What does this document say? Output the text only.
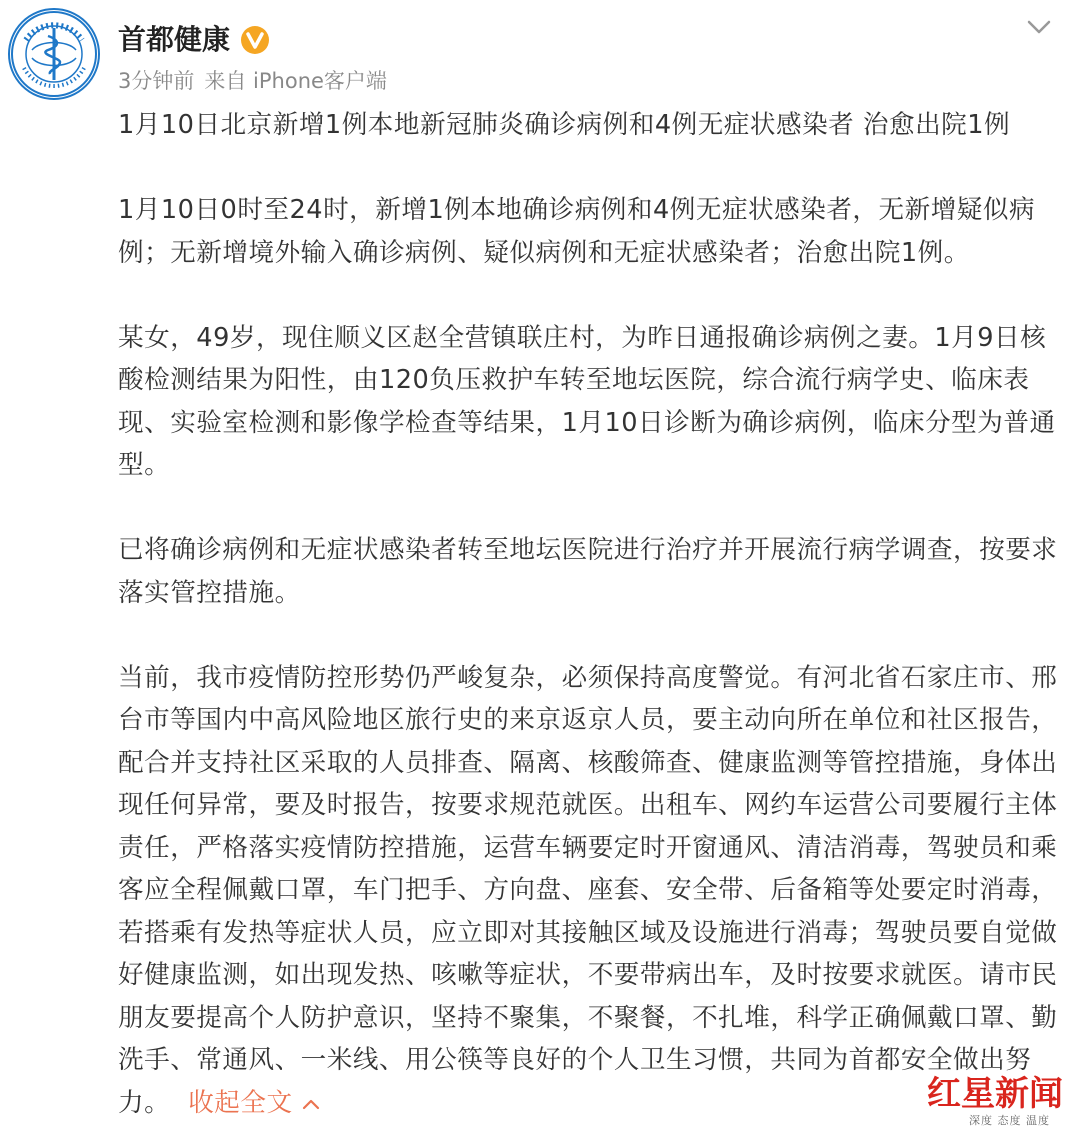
首都健康
3分钟前 来自 iPhone客户端

1月10日北京新增1例本地新冠肺炎确诊病例和4例无症状感染者 治愈出院1例

1月10日0时至24时，新增1例本地确诊病例和4例无症状感染者，无新增疑似病例；无新增境外输入确诊病例、疑似病例和无症状感染者；治愈出院1例。

某女，49岁，现住顺义区赵全营镇联庄村，为昨日通报确诊病例之妻。1月9日核酸检测结果为阳性，由120负压救护车转至地坛医院，综合流行病学史、临床表现、实验室检测和影像学检查等结果，1月10日诊断为确诊病例，临床分型为普通型。

已将确诊病例和无症状感染者转至地坛医院进行治疗并开展流行病学调查，按要求落实管控措施。

当前，我市疫情防控形势仍严峻复杂，必须保持高度警觉。有河北省石家庄市、邢台市等国内中高风险地区旅行史的来京返京人员，要主动向所在单位和社区报告，配合并支持社区采取的人员排查、隔离、核酸筛查、健康监测等管控措施，身体出现任何异常，要及时报告，按要求规范就医。出租车、网约车运营公司要履行主体责任，严格落实疫情防控措施，运营车辆要定时开窗通风、清洁消毒，驾驶员和乘客应全程佩戴口罩，车门把手、方向盘、座套、安全带、后备箱等处要定时消毒，若搭乘有发热等症状人员，应立即对其接触区域及设施进行消毒；驾驶员要自觉做好健康监测，如出现发热、咳嗽等症状，不要带病出车，及时按要求就医。请市民朋友要提高个人防护意识，坚持不聚集，不聚餐，不扎堆，科学正确佩戴口罩、勤洗手、常通风、一米线、用公筷等良好的个人卫生习惯，共同为首都安全做出努力。 收起全文	红星新闻
深度 态度 温度
